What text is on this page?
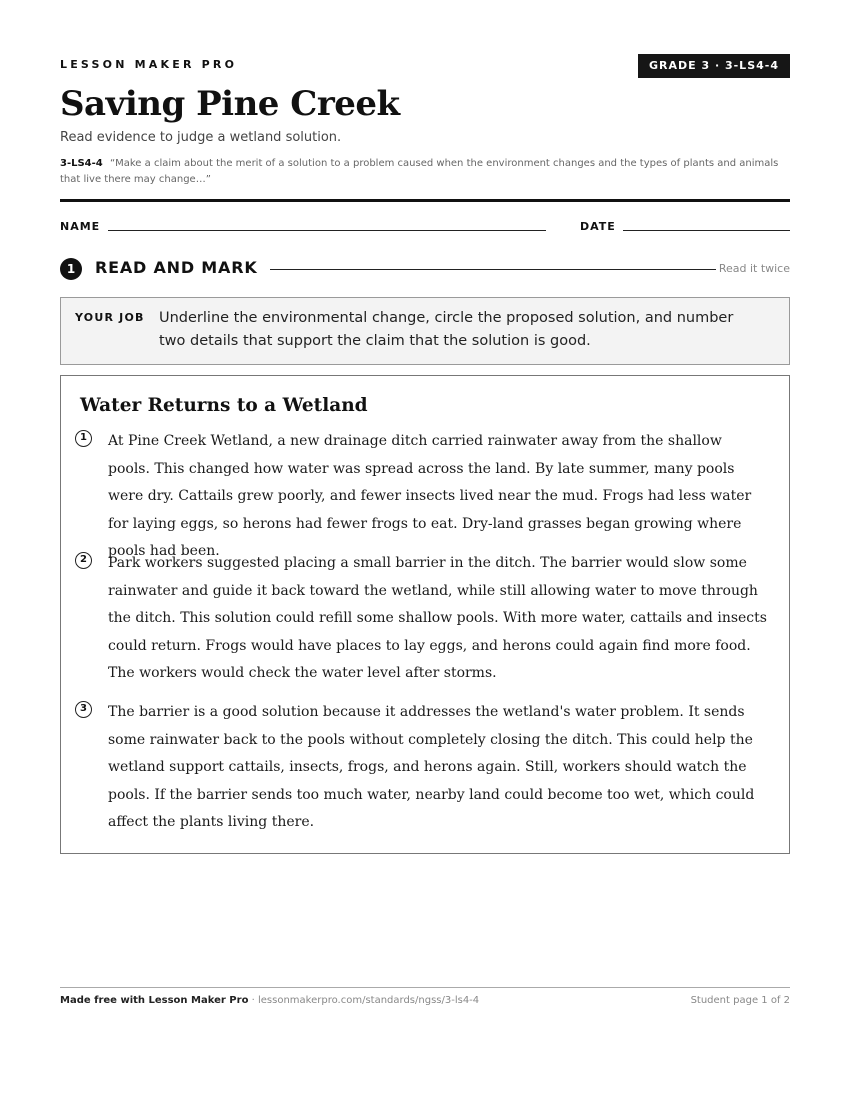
LESSON MAKER PRO	GRADE 3 · 3-LS4-4
Saving Pine Creek
Read evidence to judge a wetland solution.
3-LS4-4 “Make a claim about the merit of a solution to a problem caused when the environment changes and the types of plants and animals that live there may change…”
NAME	DATE
1	READ AND MARK	Read it twice
YOUR JOB Underline the environmental change, circle the proposed solution, and number two details that support the claim that the solution is good.
Water Returns to a Wetland
1	At Pine Creek Wetland, a new drainage ditch carried rainwater away from the shallow pools. This changed how water was spread across the land. By late summer, many pools were dry. Cattails grew poorly, and fewer insects lived near the mud. Frogs had less water for laying eggs, so herons had fewer frogs to eat. Dry-land grasses began growing where pools had been.
2	Park workers suggested placing a small barrier in the ditch. The barrier would slow some rainwater and guide it back toward the wetland, while still allowing water to move through the ditch. This solution could refill some shallow pools. With more water, cattails and insects could return. Frogs would have places to lay eggs, and herons could again find more food. The workers would check the water level after storms.
3	The barrier is a good solution because it addresses the wetland's water problem. It sends some rainwater back to the pools without completely closing the ditch. This could help the wetland support cattails, insects, frogs, and herons again. Still, workers should watch the pools. If the barrier sends too much water, nearby land could become too wet, which could affect the plants living there.
Made free with Lesson Maker Pro · lessonmakerpro.com/standards/ngss/3-ls4-4	Student page 1 of 2
